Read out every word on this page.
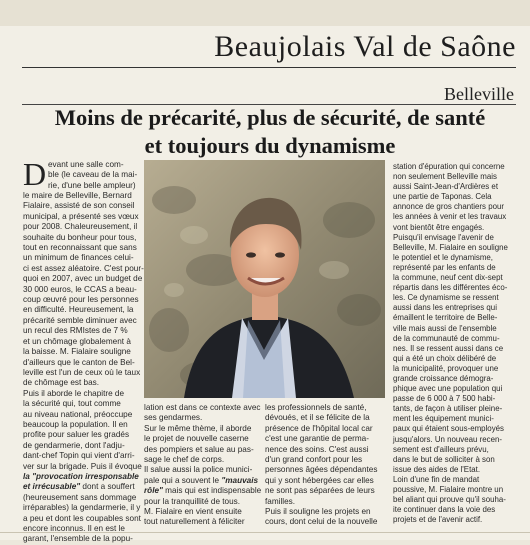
Beaujolais Val de Saône
Belleville
Moins de précarité, plus de sécurité, de santé
et toujours du dynamisme
D evant une salle com-
ble (le caveau de la mai-
rie, d'une belle ampleur)
le maire de Belleville, Bernard
Fialaire, assisté de son conseil
municipal, a présenté ses vœux
pour 2008. Chaleureusement, il
souhaite du bonheur pour tous,
tout en reconnaissant que sans
un minimum de finances celui-
ci est assez aléatoire. C'est pour-
quoi en 2007, avec un budget de
30 000 euros, le CCAS a beau-
coup œuvré pour les personnes
en difficulté. Heureusement, la
précarité semble diminuer avec
un recul des RMIstes de 7 %
et un chômage globalement à
la baisse. M. Fialaire souligne
d'ailleurs que le canton de Bel-
leville est l'un de ceux où le taux
de chômage est bas.
Puis il aborde le chapitre de
la sécurité qui, tout comme
au niveau national, préoccupe
beaucoup la population. Il en
profite pour saluer les gradés
de gendarmerie, dont l'adju-
dant-chef Topin qui vient d'arri-
ver sur la brigade. Puis il évoque
la "provocation irresponsable
et irrécusable" dont a souffert
(heureusement sans dommage
irréparables) la gendarmerie, il y
a peu et dont les coupables sont
encore inconnus. Il en est le
garant, l'ensemble de la popu-
lation est dans ce contexte avec
ses gendarmes.
Sur le même thème, il aborde
le projet de nouvelle caserne
des pompiers et salue au pas-
sage le chef de corps.
Il salue aussi la police munici-
pale qui a souvent le "mauvais
rôle" mais qui est indispensable
pour la tranquillité de tous.
M. Fialaire en vient ensuite
tout naturellement à féliciter
les professionnels de santé,
dévoués, et il se félicite de la
présence de l'hôpital local car
c'est une garantie de perma-
nence des soins. C'est aussi
d'un grand confort pour les
personnes âgées dépendantes
qui y sont hébergées car elles
ne sont pas séparées de leurs
familles.
Puis il souligne les projets en
cours, dont celui de la nouvelle
station d'épuration qui concerne
non seulement Belleville mais
aussi Saint-Jean-d'Ardières et
une partie de Taponas. Cela
annonce de gros chantiers pour
les années à venir et les travaux
vont bientôt être engagés.
Puisqu'il envisage l'avenir de
Belleville, M. Fialaire en souligne
le potentiel et le dynamisme,
représenté par les enfants de
la commune, neuf cent dix-sept
répartis dans les différentes éco-
les. Ce dynamisme se ressent
aussi dans les entreprises qui
émaillent le territoire de Belle-
ville mais aussi de l'ensemble
de la communauté de commu-
nes. Il se ressent aussi dans ce
qui a été un choix délibéré de
la municipalité, provoquer une
grande croissance démogra-
phique avec une population qui
passe de 6 000 à 7 500 habi-
tants, de façon à utiliser pleine-
ment les équipement munici-
paux qui étaient sous-employés
jusqu'alors. Un nouveau recen-
sement est d'ailleurs prévu,
dans le but de solliciter à son
issue des aides de l'Etat.
Loin d'une fin de mandat
poussive, M. Fialaire montre un
bel aliant qui prouve qu'il souha-
ite continuer dans la voie des
projets et de l'avenir actif.
